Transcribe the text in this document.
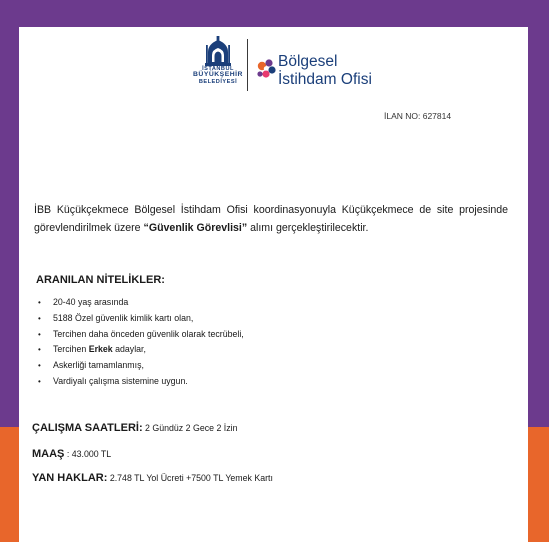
İSTANBUL
BÜYÜKŞEHİR
BELEDİYESİ
Bölgesel
İstihdam Ofisi
İLAN NO: 627814
İBB Küçükçekmece Bölgesel İstihdam Ofisi koordinasyonuyla Küçükçekmece de site projesinde görevlendirilmek üzere “Güvenlik Görevlisi” alımı gerçekleştirilecektir.
ARANILAN NİTELİKLER:
• 20-40 yaş arasında
• 5188 Özel güvenlik kimlik kartı olan,
• Tercihen daha önceden güvenlik olarak tecrübeli,
• Tercihen Erkek adaylar,
• Askerliği tamamlanmış,
• Vardiyalı çalışma sistemine uygun.
ÇALIŞMA SAATLERİ: 2 Gündüz 2 Gece 2 İzin
MAAŞ : 43.000 TL
YAN HAKLAR: 2.748 TL Yol Ücreti +7500 TL Yemek Kartı
